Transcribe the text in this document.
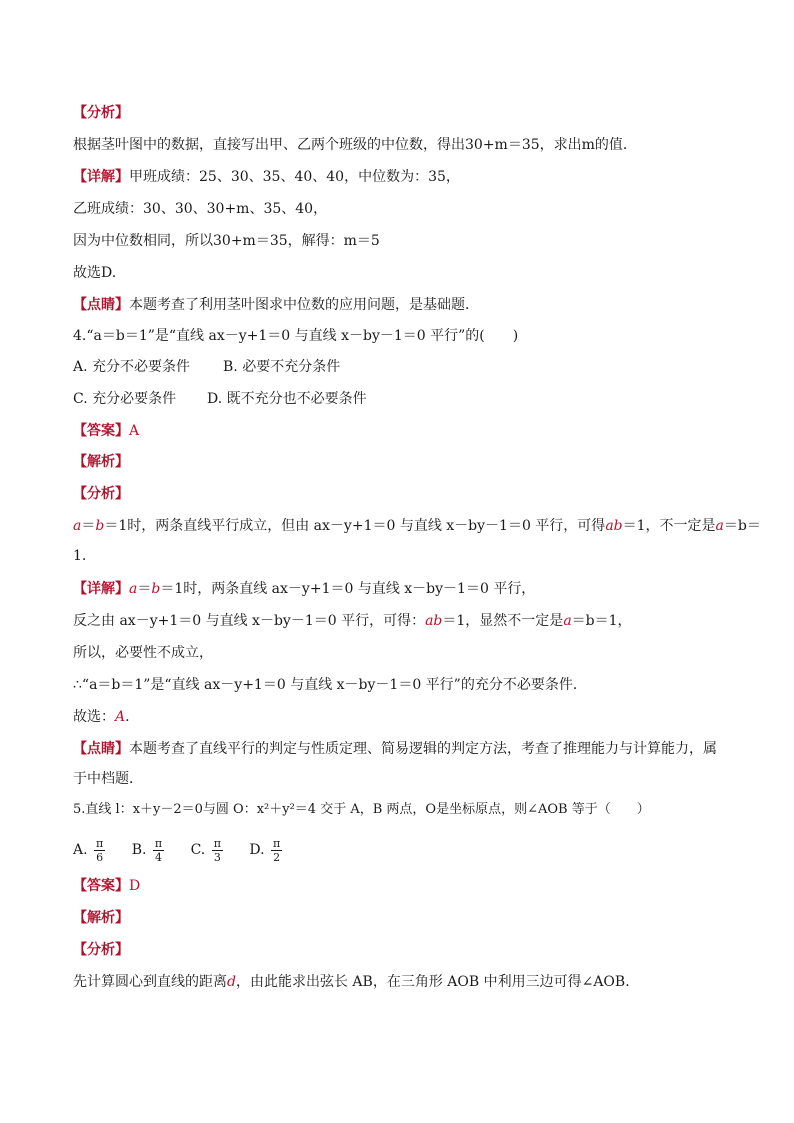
【分析】
根据茎叶图中的数据，直接写出甲、乙两个班级的中位数，得出30+m＝35，求出m的值．
【详解】甲班成绩：25、30、35、40、40，中位数为：35，
乙班成绩：30、30、30+m、35、40，
因为中位数相同，所以30+m＝35，解得：m＝5
故选D.
【点睛】本题考查了利用茎叶图求中位数的应用问题，是基础题．
4.“a＝b＝1”是“直线 ax－y+1＝0 与直线 x－by－1＝0 平行”的(　　)
A. 充分不必要条件 B. 必要不充分条件
C. 充分必要条件 D. 既不充分也不必要条件
【答案】A
【解析】
【分析】
a＝b＝1时，两条直线平行成立，但由 ax－y+1＝0 与直线 x－by－1＝0 平行，可得ab＝1，不一定是a＝b＝
1.
【详解】a＝b＝1时，两条直线 ax－y+1＝0 与直线 x－by－1＝0 平行，
反之由 ax－y+1＝0 与直线 x－by－1＝0 平行，可得：ab＝1，显然不一定是a＝b＝1，
所以，必要性不成立，
∴“a＝b＝1”是“直线 ax－y+1＝0 与直线 x－by－1＝0 平行”的充分不必要条件．
故选：A.
【点睛】本题考查了直线平行的判定与性质定理、简易逻辑的判定方法，考查了推理能力与计算能力，属
于中档题．
5.直线 l：x＋y－2＝0与圆 O：x²＋y²＝4 交于 A，B 两点，O是坐标原点，则∠AOB 等于（　　）
A. $\frac{\pi}{6} B$. $\frac{\pi}{4} C$. $\frac{\pi}{3} D$. $\frac{\pi}{2}$
【答案】D
【解析】
【分析】
先计算圆心到直线的距离d，由此能求出弦长 AB，在三角形 AOB 中利用三边可得∠AOB.
